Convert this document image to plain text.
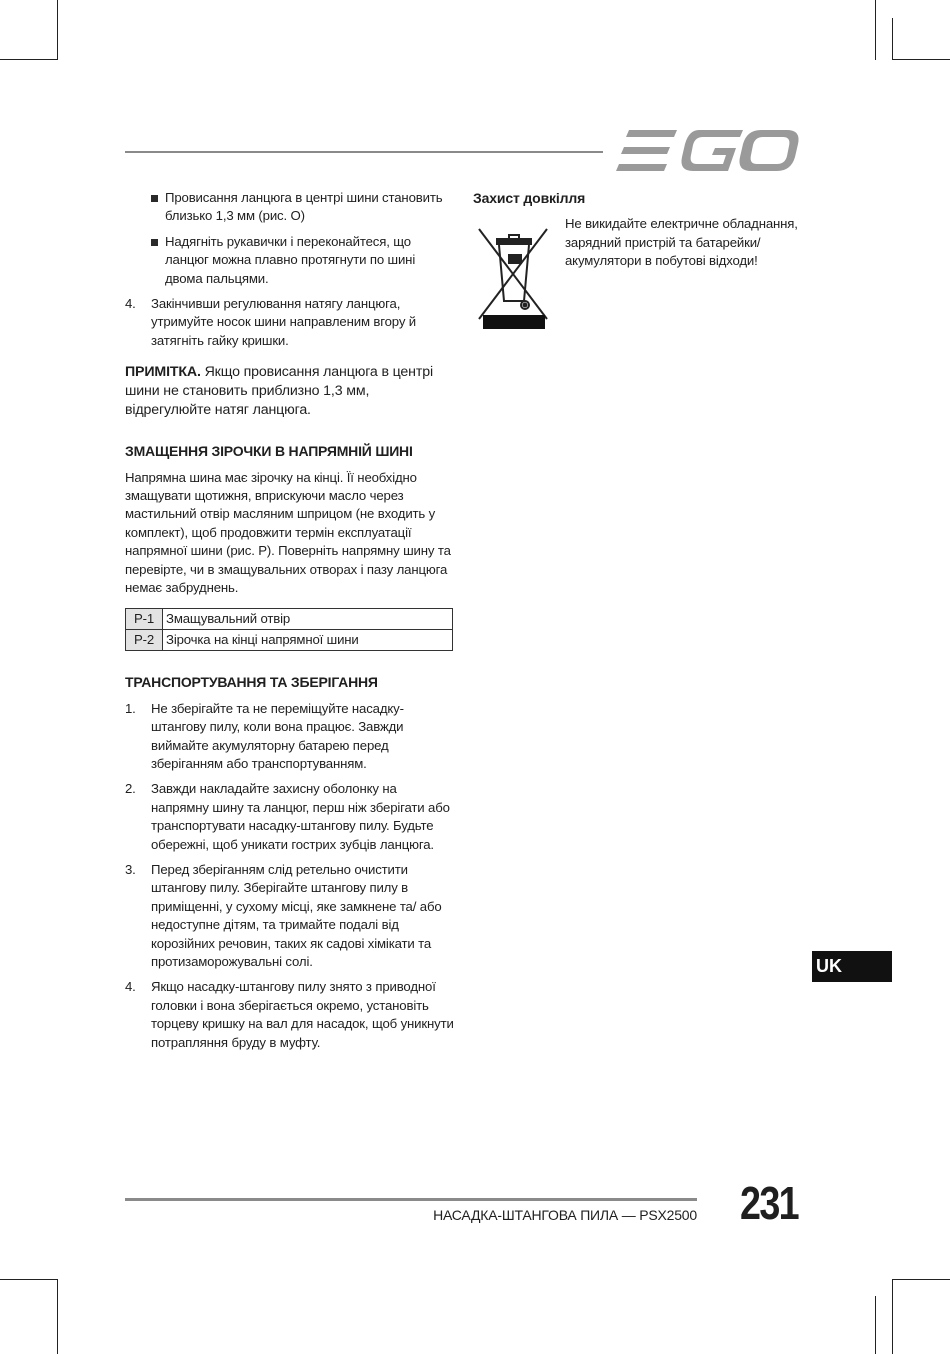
Провисання ланцюга в центрі шини становить близько 1,3 мм (рис. O)
Надягніть рукавички і переконайтеся, що ланцюг можна плавно протягнути по шині двома пальцями.
4. Закінчивши регулювання натягу ланцюга, утримуйте носок шини направленим вгору й затягніть гайку кришки.

ПРИМІТКА. Якщо провисання ланцюга в центрі шини не становить приблизно 1,3 мм, відрегулюйте натяг ланцюга.

ЗМАЩЕННЯ ЗІРОЧКИ В НАПРЯМНІЙ ШИНІ

Напрямна шина має зірочку на кінці. Її необхідно змащувати щотижня, вприскуючи масло через мастильний отвір масляним шприцом (не входить у комплект), щоб продовжити термін експлуатації напрямної шини (рис. P). Поверніть напрямну шину та перевірте, чи в змащувальних отворах і пазу ланцюга немає забруднень.

P-1	Змащувальний отвір
P-2	Зірочка на кінці напрямної шини
ТРАНСПОРТУВАННЯ ТА ЗБЕРІГАННЯ
1. Не зберігайте та не переміщуйте насадку-штангову пилу, коли вона працює. Завжди виймайте акумуляторну батарею перед зберіганням або транспортуванням.
2. Завжди накладайте захисну оболонку на напрямну шину та ланцюг, перш ніж зберігати або транспортувати насадку-штангову пилу. Будьте обережні, щоб уникати гострих зубців ланцюга.
3. Перед зберіганням слід ретельно очистити штангову пилу. Зберігайте штангову пилу в приміщенні, у сухому місці, яке замкнене та/ або недоступне дітям, та тримайте подалі від корозійних речовин, таких як садові хімікати та протизаморожувальні солі.
4. Якщо насадку-штангову пилу знято з приводної головки і вона зберігається окремо, установіть торцеву кришку на вал для насадок, щоб уникнути потрапляння бруду в муфту.
Захист довкілля

Не викидайте електричне обладнання, зарядний пристрій та батарейки/ акумулятори в побутові відходи!

UK
НАСАДКА-ШТАНГОВА ПИЛА — PSX2500 231
